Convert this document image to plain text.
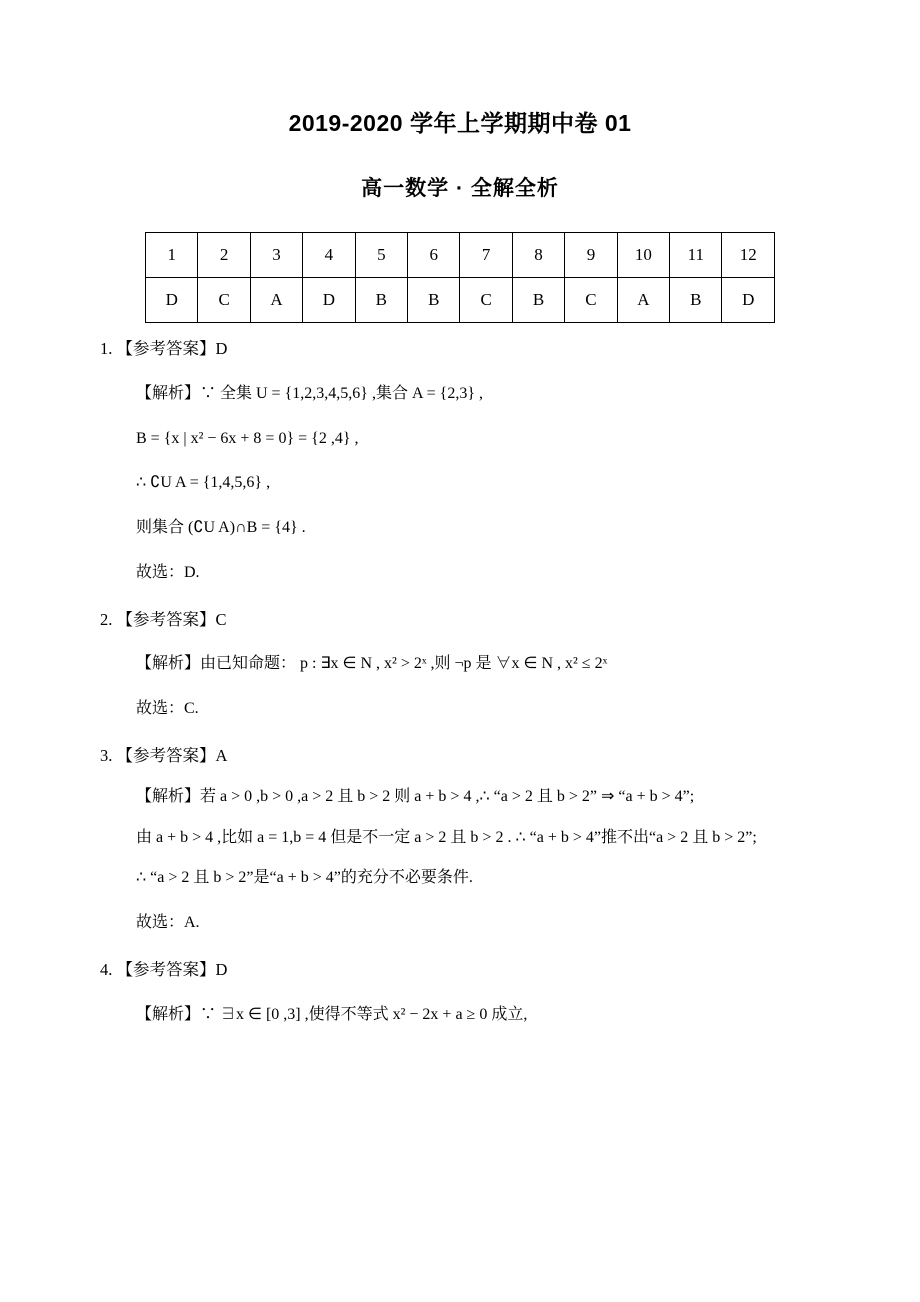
2019-2020 学年上学期期中卷 01
高一数学 · 全解全析
1	2	3	4	5	6	7	8	9	10	11	12
D	C	A	D	B	B	C	B	C	A	B	D
1. 【参考答案】D
【解析】∵ 全集 U = {1,2,3,4,5,6} ,集合 A = {2,3} ,
B = {x | x² − 6x + 8 = 0} = {2 ,4} ,
∴ ∁U A = {1,4,5,6} ,
则集合 (∁U A)∩B = {4} .
故选：D.
2. 【参考答案】C
【解析】由已知命题： p : ∃x ∈ N , x² > 2ˣ ,则 ¬p 是 ∀x ∈ N , x² ≤ 2ˣ
故选：C.
3. 【参考答案】A
【解析】若 a > 0 ,b > 0 ,a > 2 且 b > 2 则 a + b > 4 ,∴ “a > 2 且 b > 2” ⇒ “a + b > 4”;
由 a + b > 4 ,比如 a = 1,b = 4 但是不一定 a > 2 且 b > 2 . ∴ “a + b > 4”推不出“a > 2 且 b > 2”;
∴ “a > 2 且 b > 2”是“a + b > 4”的充分不必要条件.
故选：A.
4. 【参考答案】D
【解析】∵ ∃x ∈ [0 ,3] ,使得不等式 x² − 2x + a ≥ 0 成立,
